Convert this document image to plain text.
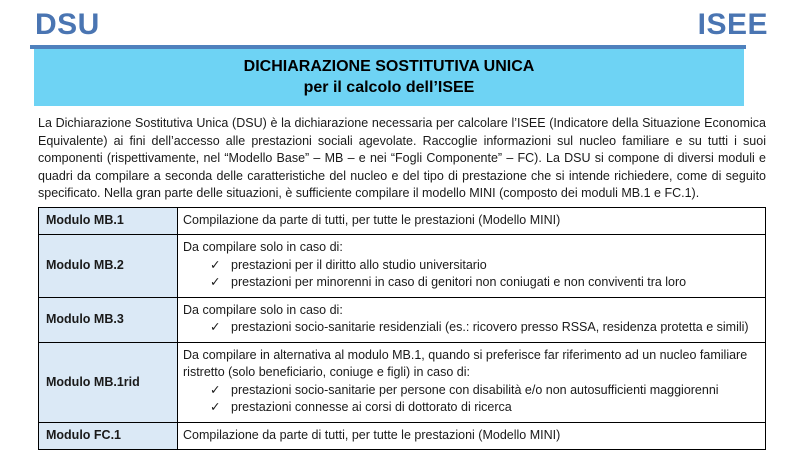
DSU	ISEE
DICHIARAZIONE SOSTITUTIVA UNICA
per il calcolo dell’ISEE

La Dichiarazione Sostitutiva Unica (DSU) è la dichiarazione necessaria per calcolare l’ISEE (Indicatore della Situazione Economica Equivalente) ai fini dell’accesso alle prestazioni sociali agevolate. Raccoglie informazioni sul nucleo familiare e su tutti i suoi componenti (rispettivamente, nel “Modello Base” – MB – e nei “Fogli Componente” – FC). La DSU si compone di diversi moduli e quadri da compilare a seconda delle caratteristiche del nucleo e del tipo di prestazione che si intende richiedere, come di seguito specificato. Nella gran parte delle situazioni, è sufficiente compilare il modello MINI (composto dei moduli MB.1 e FC.1).

Modulo MB.1	Compilazione da parte di tutti, per tutte le prestazioni (Modello MINI)

Modulo MB.2	Da compilare solo in caso di:
✓ prestazioni per il diritto allo studio universitario
✓ prestazioni per minorenni in caso di genitori non coniugati e non conviventi tra loro

Modulo MB.3	Da compilare solo in caso di:
✓ prestazioni socio-sanitarie residenziali (es.: ricovero presso RSSA, residenza protetta e simili)

Modulo MB.1rid	Da compilare in alternativa al modulo MB.1, quando si preferisce far riferimento ad un nucleo familiare ristretto (solo beneficiario, coniuge e figli) in caso di:
✓ prestazioni socio-sanitarie per persone con disabilità e/o non autosufficienti maggiorenni
✓ prestazioni connesse ai corsi di dottorato di ricerca

Modulo FC.1	Compilazione da parte di tutti, per tutte le prestazioni (Modello MINI)
